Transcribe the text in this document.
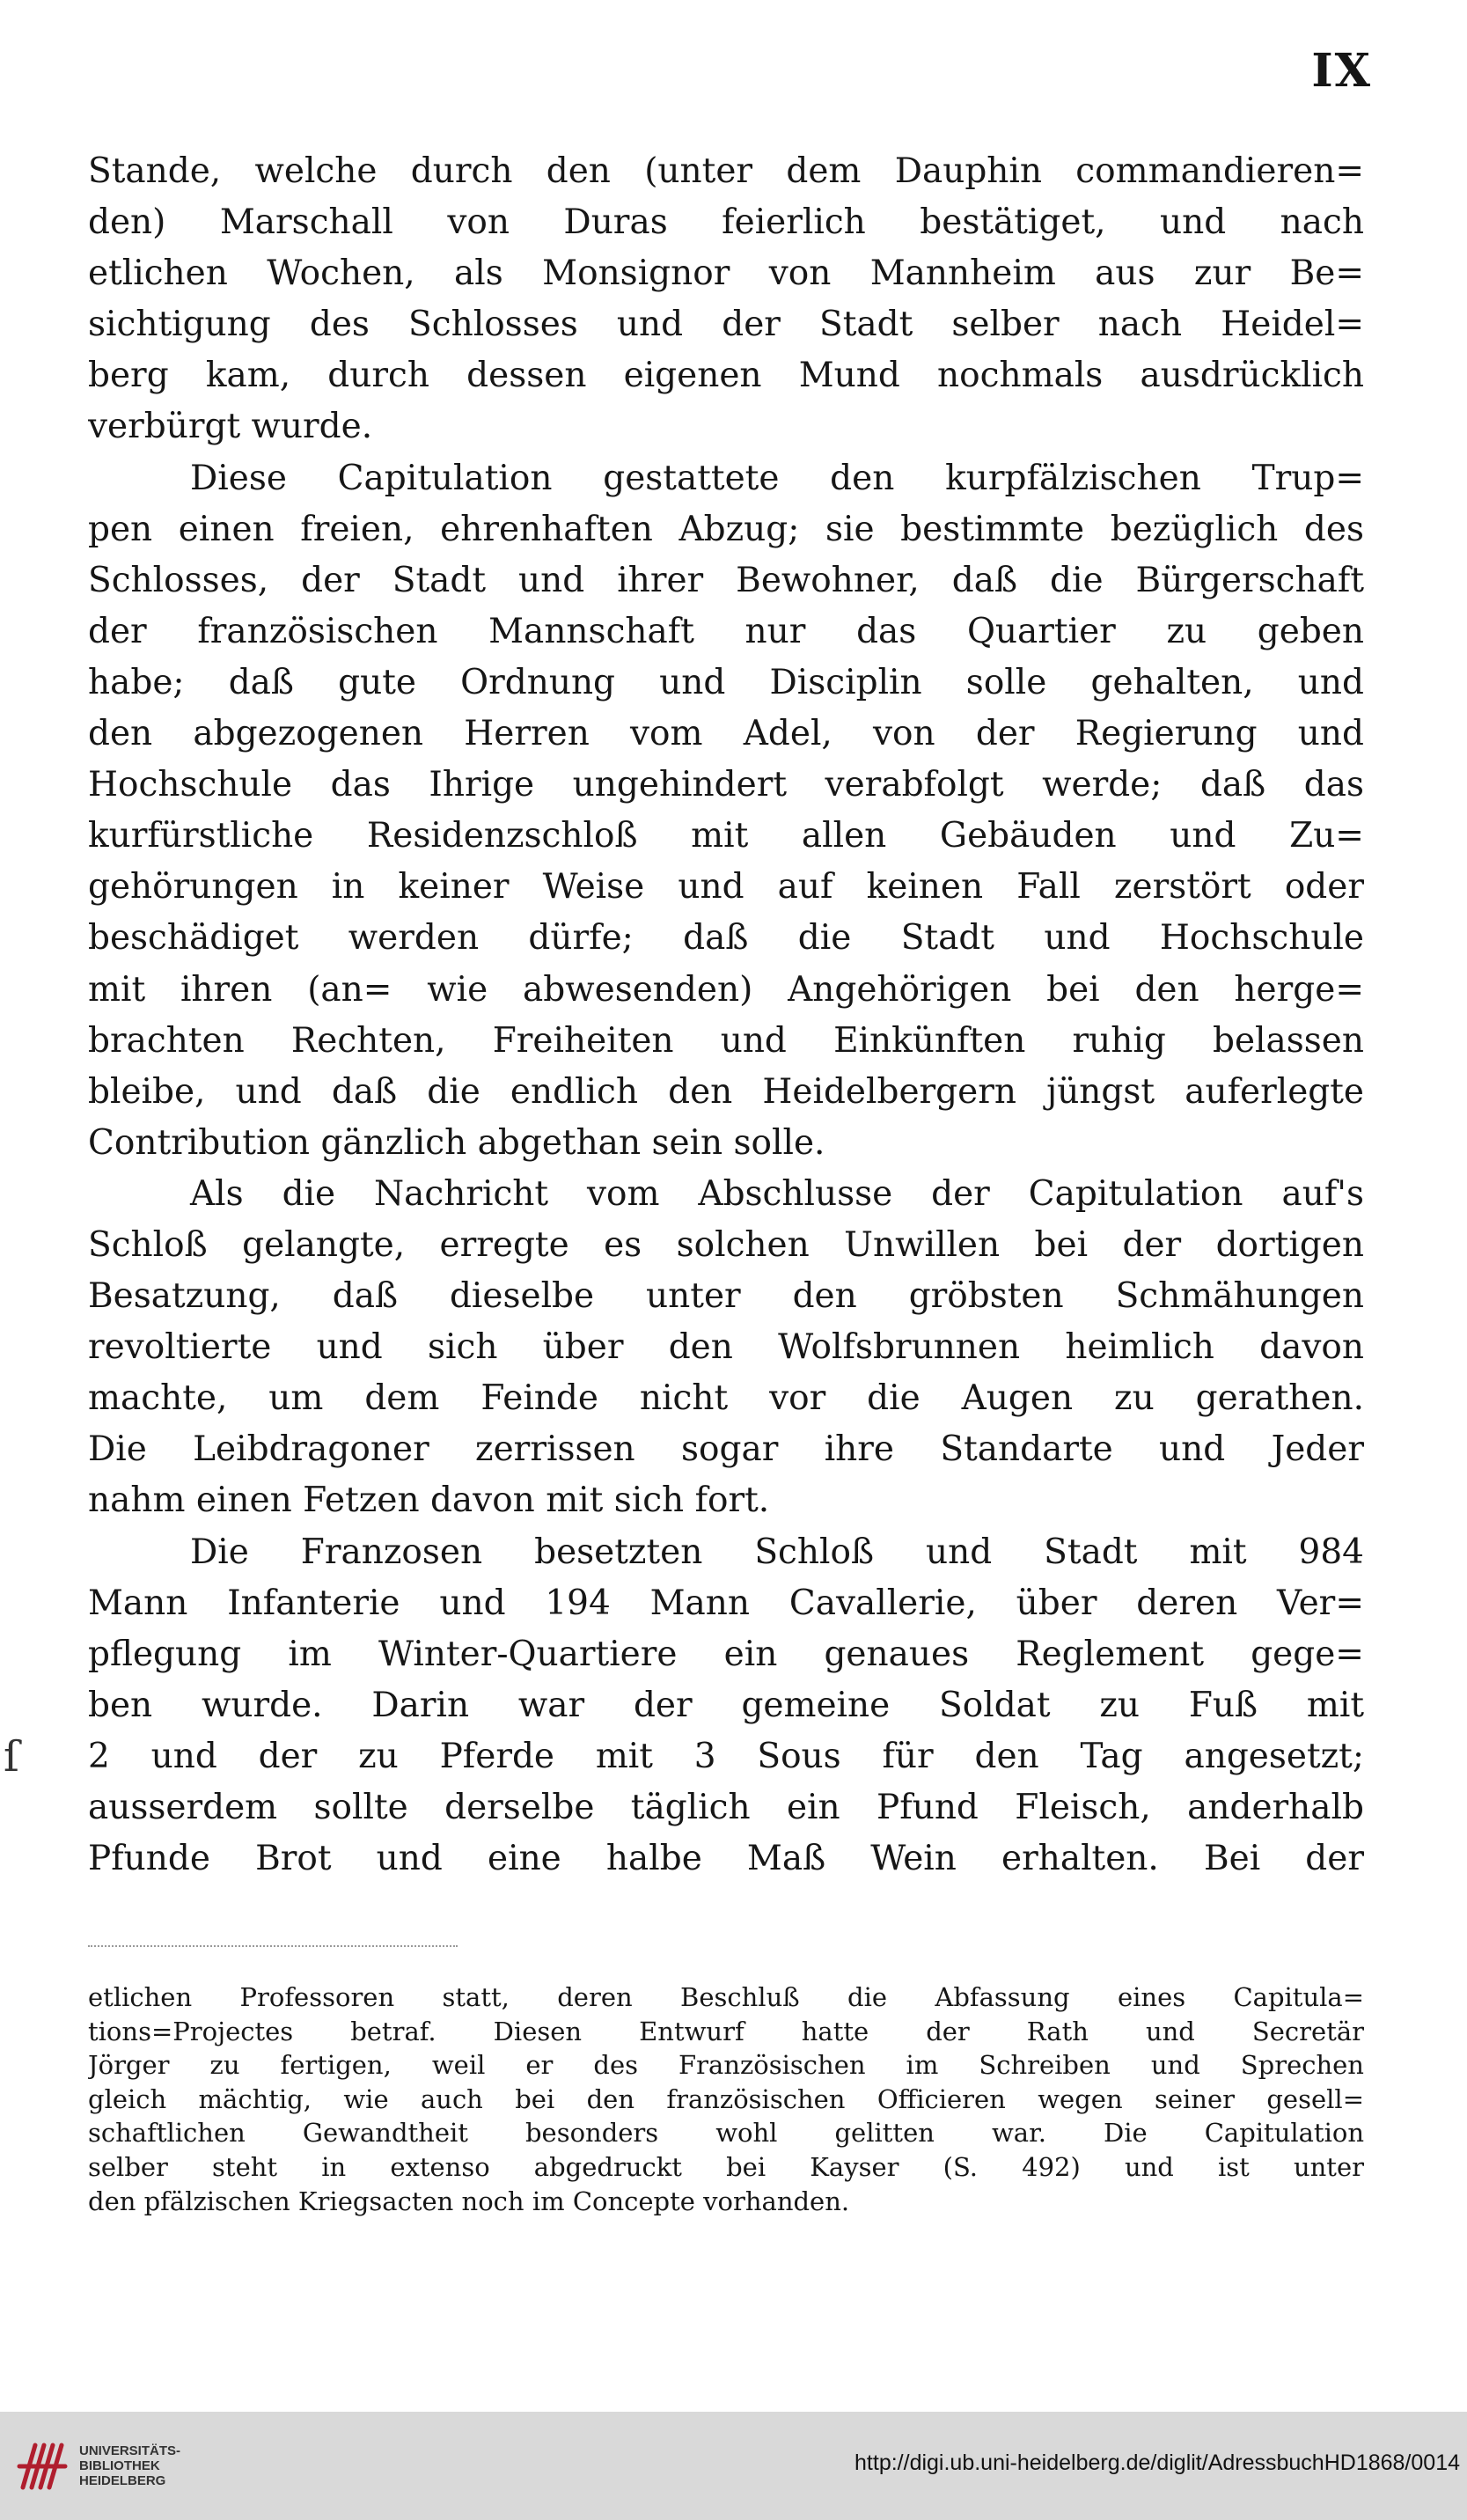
IX
Stande, welche durch den (unter dem Dauphin commandieren=
den) Marschall von Duras feierlich bestätiget, und nach
etlichen Wochen, als Monsignor von Mannheim aus zur Be=
sichtigung des Schlosses und der Stadt selber nach Heidel=
berg kam, durch dessen eigenen Mund nochmals ausdrücklich
verbürgt wurde.
Diese Capitulation gestattete den kurpfälzischen Trup=
pen einen freien, ehrenhaften Abzug; sie bestimmte bezüglich des
Schlosses, der Stadt und ihrer Bewohner, daß die Bürgerschaft
der französischen Mannschaft nur das Quartier zu geben
habe; daß gute Ordnung und Disciplin solle gehalten, und
den abgezogenen Herren vom Adel, von der Regierung und
Hochschule das Ihrige ungehindert verabfolgt werde; daß das
kurfürstliche Residenzschloß mit allen Gebäuden und Zu=
gehörungen in keiner Weise und auf keinen Fall zerstört oder
beschädiget werden dürfe; daß die Stadt und Hochschule
mit ihren (an= wie abwesenden) Angehörigen bei den herge=
brachten Rechten, Freiheiten und Einkünften ruhig belassen
bleibe, und daß die endlich den Heidelbergern jüngst auferlegte
Contribution gänzlich abgethan sein solle.
Als die Nachricht vom Abschlusse der Capitulation auf's
Schloß gelangte, erregte es solchen Unwillen bei der dortigen
Besatzung, daß dieselbe unter den gröbsten Schmähungen
revoltierte und sich über den Wolfsbrunnen heimlich davon
machte, um dem Feinde nicht vor die Augen zu gerathen.
Die Leibdragoner zerrissen sogar ihre Standarte und Jeder
nahm einen Fetzen davon mit sich fort.
Die Franzosen besetzten Schloß und Stadt mit 984
Mann Infanterie und 194 Mann Cavallerie, über deren Ver=
pflegung im Winter-Quartiere ein genaues Reglement gege=
ben wurde. Darin war der gemeine Soldat zu Fuß mit
2 und der zu Pferde mit 3 Sous für den Tag angesetzt;
ausserdem sollte derselbe täglich ein Pfund Fleisch, anderhalb
Pfunde Brot und eine halbe Maß Wein erhalten. Bei der
ſ
etlichen Professoren statt, deren Beschluß die Abfassung eines Capitula=
tions=Projectes betraf. Diesen Entwurf hatte der Rath und Secretär
Jörger zu fertigen, weil er des Französischen im Schreiben und Sprechen
gleich mächtig, wie auch bei den französischen Officieren wegen seiner gesell=
schaftlichen Gewandtheit besonders wohl gelitten war. Die Capitulation
selber steht in extenso abgedruckt bei Kayser (S. 492) und ist unter
den pfälzischen Kriegsacten noch im Concepte vorhanden.
UNIVERSITÄTS-
BIBLIOTHEK
HEIDELBERG
http://digi.ub.uni-heidelberg.de/diglit/AdressbuchHD1868/0014
